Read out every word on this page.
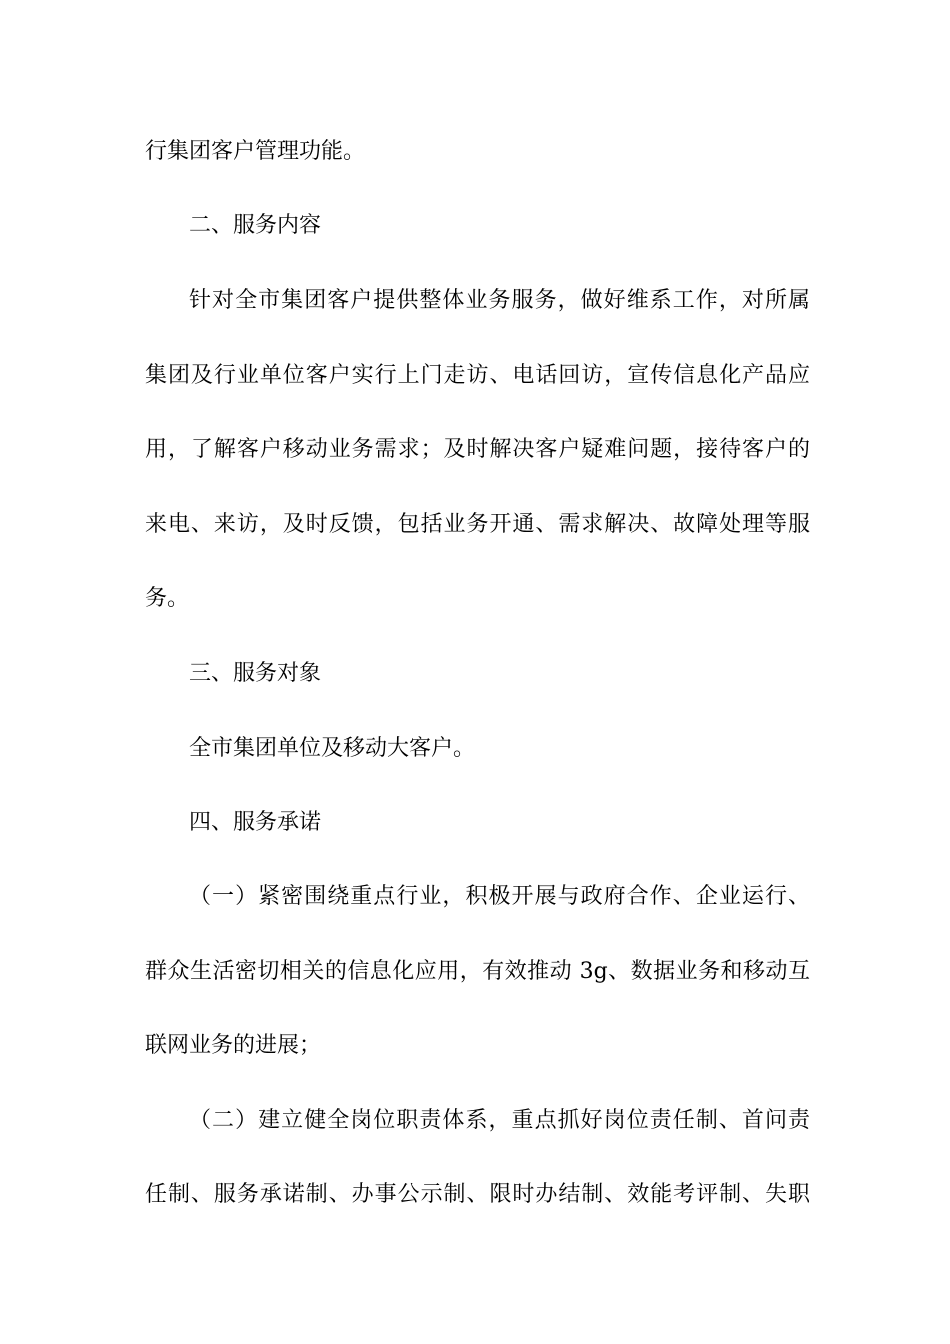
行集团客户管理功能。
二、服务内容
针对全市集团客户提供整体业务服务，做好维系工作，对所属
集团及行业单位客户实行上门走访、电话回访，宣传信息化产品应
用，了解客户移动业务需求；及时解决客户疑难问题，接待客户的
来电、来访，及时反馈，包括业务开通、需求解决、故障处理等服
务。
三、服务对象
全市集团单位及移动大客户。
四、服务承诺
（一）紧密围绕重点行业，积极开展与政府合作、企业运行、
群众生活密切相关的信息化应用，有效推动 3g、数据业务和移动互
联网业务的进展；
（二）建立健全岗位职责体系，重点抓好岗位责任制、首问责
任制、服务承诺制、办事公示制、限时办结制、效能考评制、失职
